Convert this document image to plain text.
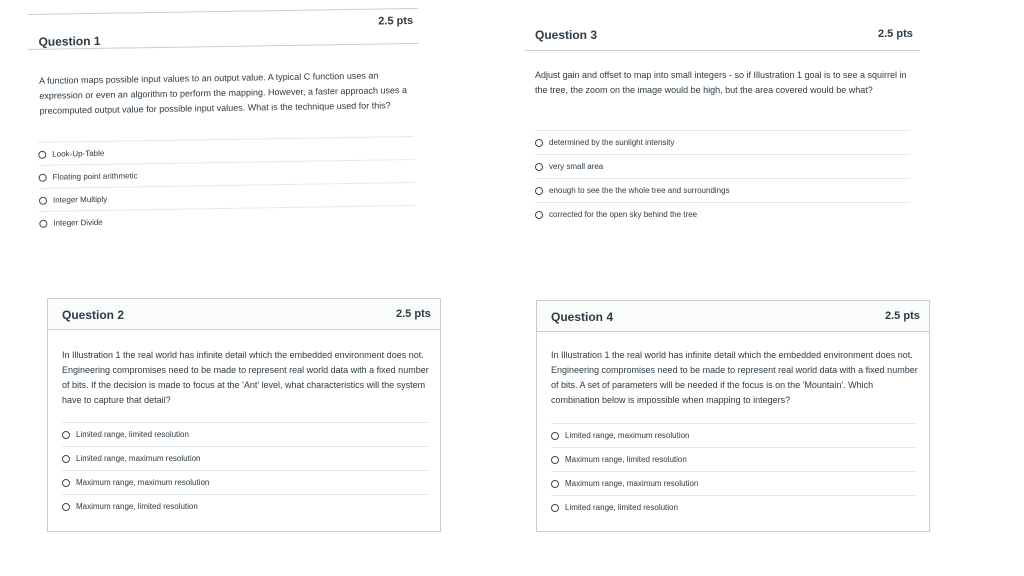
Question 1
2.5 pts
A function maps possible input values to an output value. A typical C function uses an expression or even an algorithm to perform the mapping. However, a faster approach uses a precomputed output value for possible input values. What is the technique used for this?
Look-Up-Table
Floating point arithmetic
Integer Multiply
Integer Divide
Question 3	2.5 pts
Adjust gain and offset to map into small integers - so if Illustration 1 goal is to see a squirrel in the tree, the zoom on the image would be high, but the area covered would be what?
determined by the sunlight intensity
very small area
enough to see the the whole tree and surroundings
corrected for the open sky behind the tree
Question 2	2.5 pts
In Illustration 1 the real world has infinite detail which the embedded environment does not. Engineering compromises need to be made to represent real world data with a fixed number of bits. If the decision is made to focus at the 'Ant' level, what characteristics will the system have to capture that detail?
Limited range, limited resolution
Limited range, maximum resolution
Maximum range, maximum resolution
Maximum range, limited resolution
Question 4	2.5 pts
In Illustration 1 the real world has infinite detail which the embedded environment does not. Engineering compromises need to be made to represent real world data with a fixed number of bits. A set of parameters will be needed if the focus is on the 'Mountain'. Which combination below is impossible when mapping to integers?
Limited range, maximum resolution
Maximum range, limited resolution
Maximum range, maximum resolution
Limited range, limited resolution
